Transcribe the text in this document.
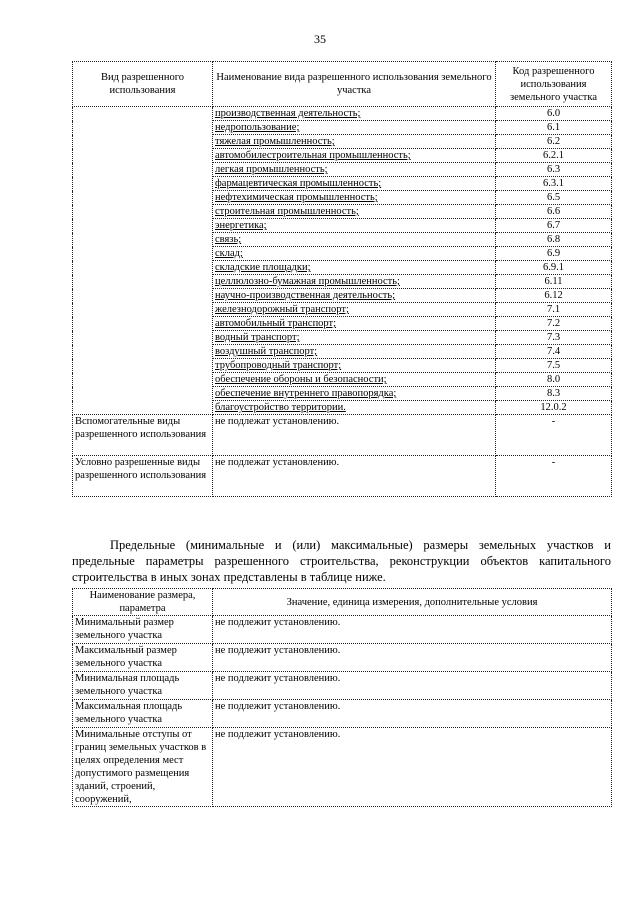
35
Вид разрешенного использования	Наименование вида разрешенного использования земельного участка	Код разрешенного использования земельного участка
	производственная деятельность;	6.0
	недропользование;	6.1
	тяжелая промышленность;	6.2
	автомобилестроительная промышленность;	6.2.1
	легкая промышленность;	6.3
	фармацевтическая промышленность;	6.3.1
	нефтехимическая промышленность;	6.5
	строительная промышленность;	6.6
	энергетика;	6.7
	связь;	6.8
	склад;	6.9
	складские площадки;	6.9.1
	целлюлозно-бумажная промышленность;	6.11
	научно-производственная деятельность;	6.12
	железнодорожный транспорт;	7.1
	автомобильный транспорт;	7.2
	водный транспорт;	7.3
	воздушный транспорт;	7.4
	трубопроводный транспорт;	7.5
	обеспечение обороны и безопасности;	8.0
	обеспечение внутреннего правопорядка;	8.3
	благоустройство территории.	12.0.2
Вспомогательные виды разрешенного использования	не подлежат установлению.	-
Условно разрешенные виды разрешенного использования	не подлежат установлению.	-
Предельные (минимальные и (или) максимальные) размеры земельных участков и предельные параметры разрешенного строительства, реконструкции объектов капитального строительства в иных зонах представлены в таблице ниже.
Наименование размера, параметра	Значение, единица измерения, дополнительные условия
Минимальный размер земельного участка	не подлежит установлению.
Максимальный размер земельного участка	не подлежит установлению.
Минимальная площадь земельного участка	не подлежит установлению.
Максимальная площадь земельного участка	не подлежит установлению.
Минимальные отступы от границ земельных участков в целях определения мест допустимого размещения зданий, строений, сооружений,	не подлежит установлению.
